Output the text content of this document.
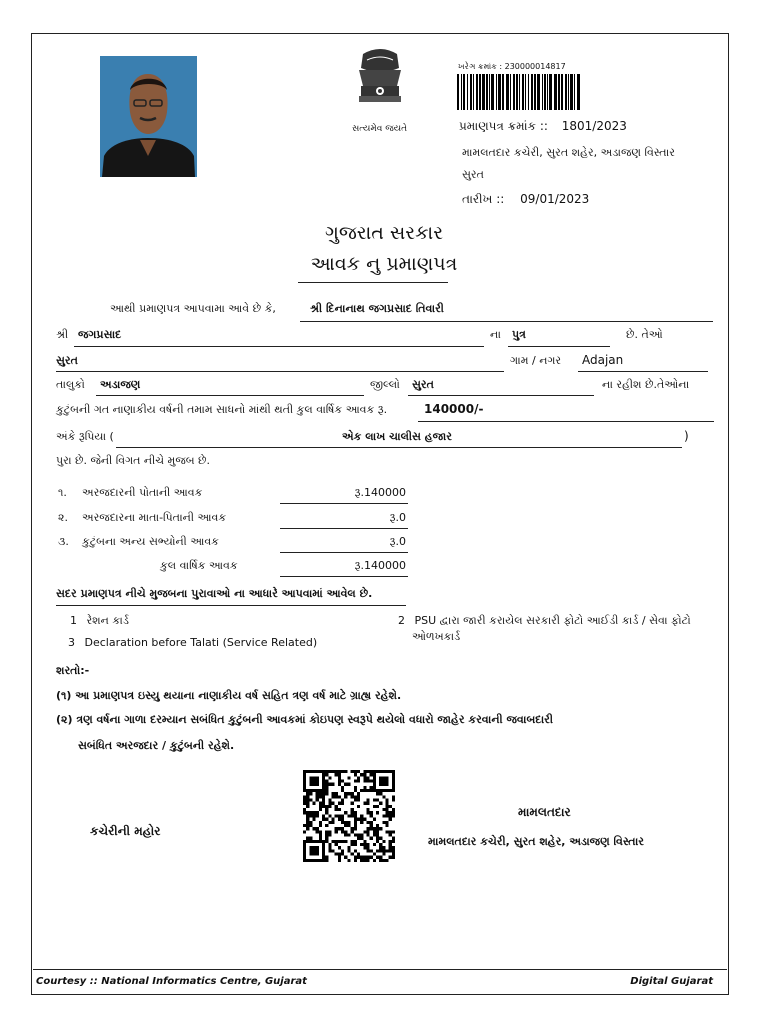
સત્યમેવ જયતે
ખરેઞ ક્રમાંક : 230000014817
પ્રમાણપત્ર ક્રમાંક :: 1801/2023
મામલતદાર કચેરી, સુરત શહેર, અડાજણ વિસ્તાર
સુરત
તારીખ :: 09/01/2023
ગુજરાત સરકાર
આવક નુ પ્રમાણપત્ર
આથી પ્રમાણપત્ર આપવામા આવે છે કે,	શ્રી દિનાનાથ જગપ્રસાદ તિવારી
શ્રી જગપ્રસાદ	ના પુત્ર	છે. તેઓ
સુરત	ગામ / નગર Adajan
તાલુકો અડાજણ	જીલ્લો સુરત	ના રહીશ છે.તેઓના
કુટુંબની ગત નાણાકીય વર્ષની તમામ સાધનો માંથી થતી કુલ વાર્ષિક આવક રૂ.	140000/-
અંકે રૂપિયા (	એક લાખ ચાલીસ હજાર	)
પુરા છે. જેની વિગત નીચે મુજબ છે.
૧. અરજદારની પોતાની આવક	રૂ.140000
૨. અરજદારના માતા-પિતાની આવક	રૂ.0
૩. કુટુંબના અન્ય સભ્યોની આવક	રૂ.0
કુલ વાર્ષિક આવક	રૂ.140000
સદર પ્રમાણપત્ર નીચે મુજબના પુરાવાઓ ના આધારે આપવામાં આવેલ છે.
1 રેશન કાર્ડ
3 Declaration before Talati (Service Related)
2 PSU દ્વારા જારી કરાયેલ સરકારી ફોટો આઈડી કાર્ડ / સેવા ફોટો
ઓળખકાર્ડ
શરતો:-
(૧) આ પ્રમાણપત્ર ઇસ્યુ થયાના નાણાકીય વર્ષ સહિત ત્રણ વર્ષ માટે ગ્રાહ્ય રહેશે.
(૨) ત્રણ વર્ષના ગાળા દરમ્યાન સબંધિત કુટુંબની આવકમાં કોઇપણ સ્વરૂપે થયેલો વધારો જાહેર કરવાની જવાબદારી
સબંધિત અરજદાર / કુટુંબની રહેશે.
કચેરીની મહોર
મામલતદાર
મામલતદાર કચેરી, સુરત શહેર, અડાજણ વિસ્તાર
Courtesy :: National Informatics Centre, Gujarat	Digital Gujarat
